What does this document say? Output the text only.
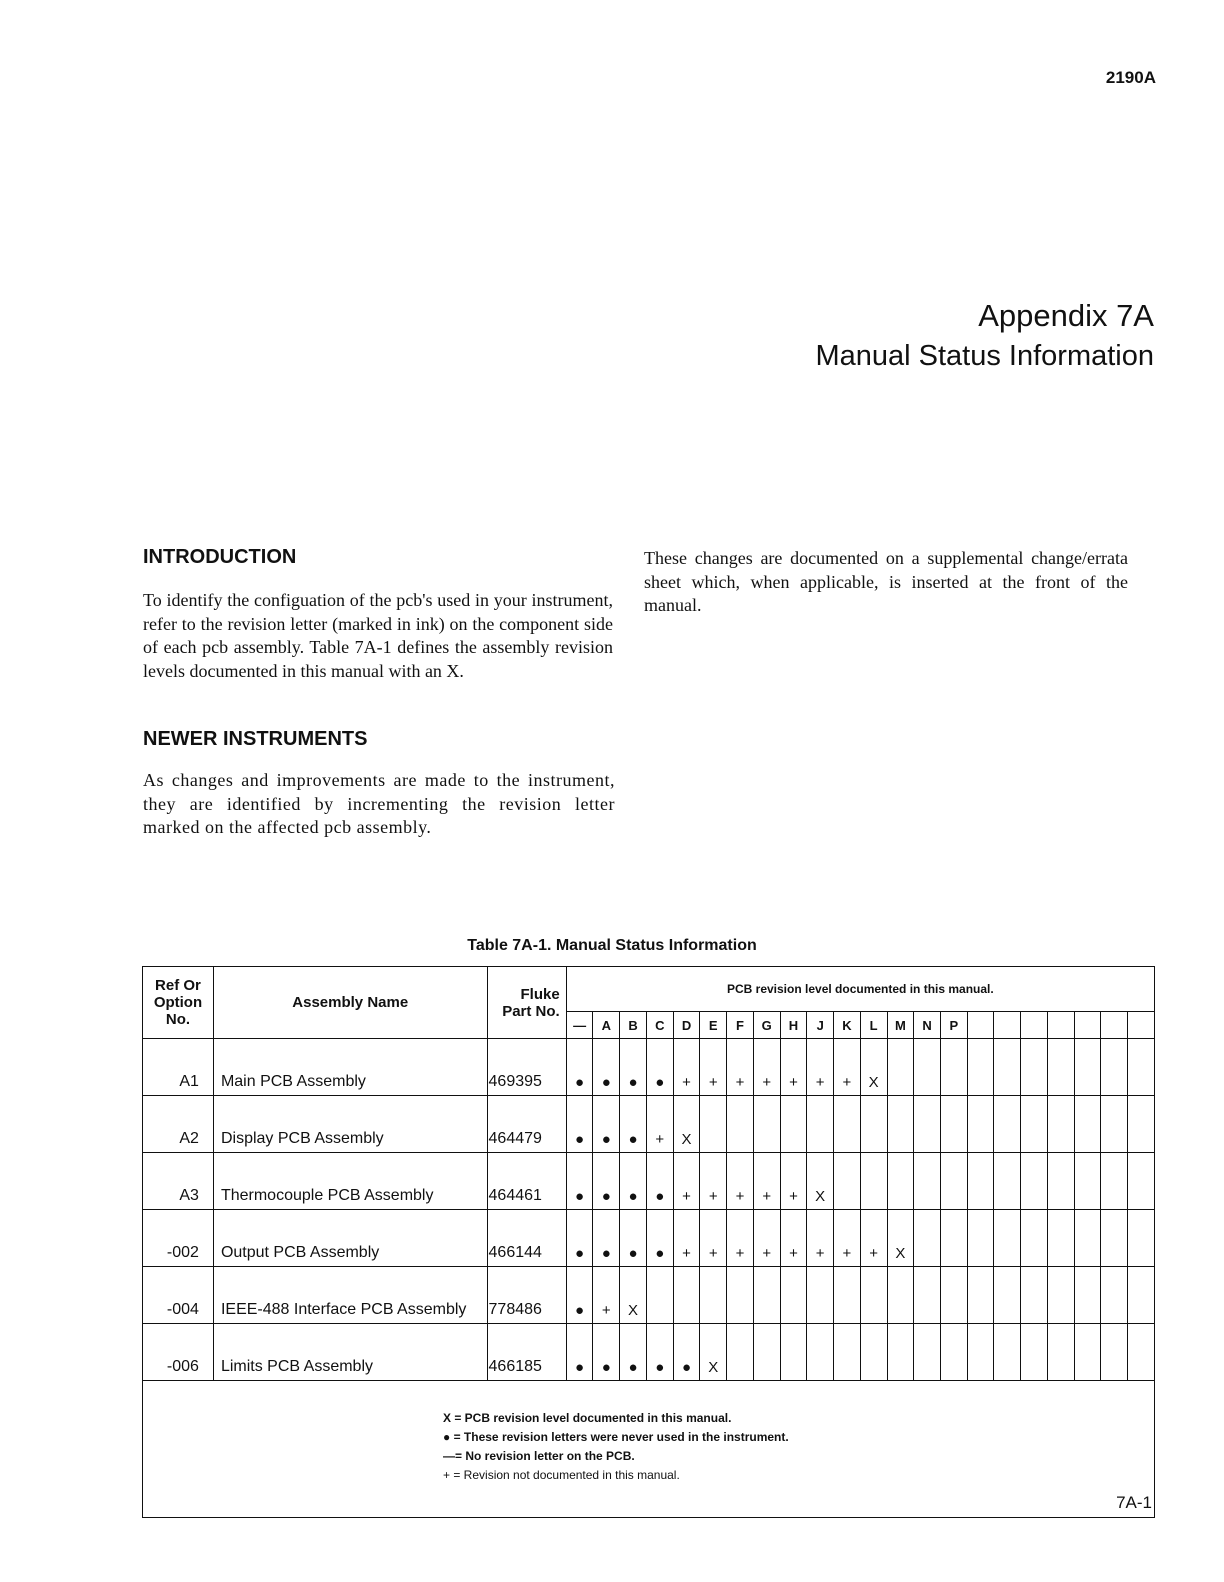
2190A
Appendix 7A
Manual Status Information
INTRODUCTION
To identify the configuation of the pcb's used in your instrument, refer to the revision letter (marked in ink) on the component side of each pcb assembly. Table 7A-1 defines the assembly revision levels documented in this manual with an X.
NEWER INSTRUMENTS
As changes and improvements are made to the instrument, they are identified by incrementing the revision letter marked on the affected pcb assembly.
These changes are documented on a supplemental change/errata sheet which, when applicable, is inserted at the front of the manual.
Table 7A-1. Manual Status Information
Ref Or Option No.	Assembly Name	Fluke Part No.	PCB revision level documented in this manual.																					
			—	A	B	C	D	E	F	G	H	J	K	L	M	N	P							
A1	Main PCB Assembly	469395	●	●	●	●	+	+	+	+	+	+	+	X										
A2	Display PCB Assembly	464479	●	●	●	+	X																	
A3	Thermocouple PCB Assembly	464461	●	●	●	●	+	+	+	+	+	X												
-002	Output PCB Assembly	466144	●	●	●	●	+	+	+	+	+	+	+	+	X									
-004	IEEE-488 Interface PCB Assembly	778486	●	+	X																			
-006	Limits PCB Assembly	466185	●	●	●	●	●	X																

X = PCB revision level documented in this manual.
● = These revision letters were never used in the instrument.
—= No revision letter on the PCB.
+ = Revision not documented in this manual.																								
7A-1
